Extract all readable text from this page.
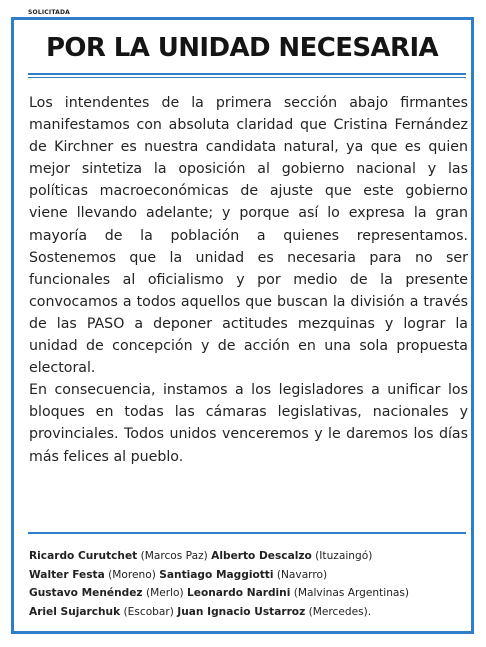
SOLICITADA
POR LA UNIDAD NECESARIA

Los intendentes de la primera sección abajo firmantes manifestamos con absoluta claridad que Cristina Fernández de Kirchner es nuestra candidata natural, ya que es quien mejor sintetiza la oposición al gobierno nacional y las políticas macroeconómicas de ajuste que este gobierno viene llevando adelante; y porque así lo expresa la gran mayoría de la población a quienes representamos. Sostenemos que la unidad es necesaria para no ser funcionales al oficialismo y por medio de la presente convocamos a todos aquellos que buscan la división a través de las PASO a deponer actitudes mezquinas y lograr la unidad de concepción y de acción en una sola propuesta electoral.

En consecuencia, instamos a los legisladores a unificar los bloques en todas las cámaras legislativas, nacionales y provinciales. Todos unidos venceremos y le daremos los días más felices al pueblo.

Ricardo Curutchet (Marcos Paz) Alberto Descalzo (Ituzaingó)
Walter Festa (Moreno) Santiago Maggiotti (Navarro)
Gustavo Menéndez (Merlo) Leonardo Nardini (Malvinas Argentinas)
Ariel Sujarchuk (Escobar) Juan Ignacio Ustarroz (Mercedes).
